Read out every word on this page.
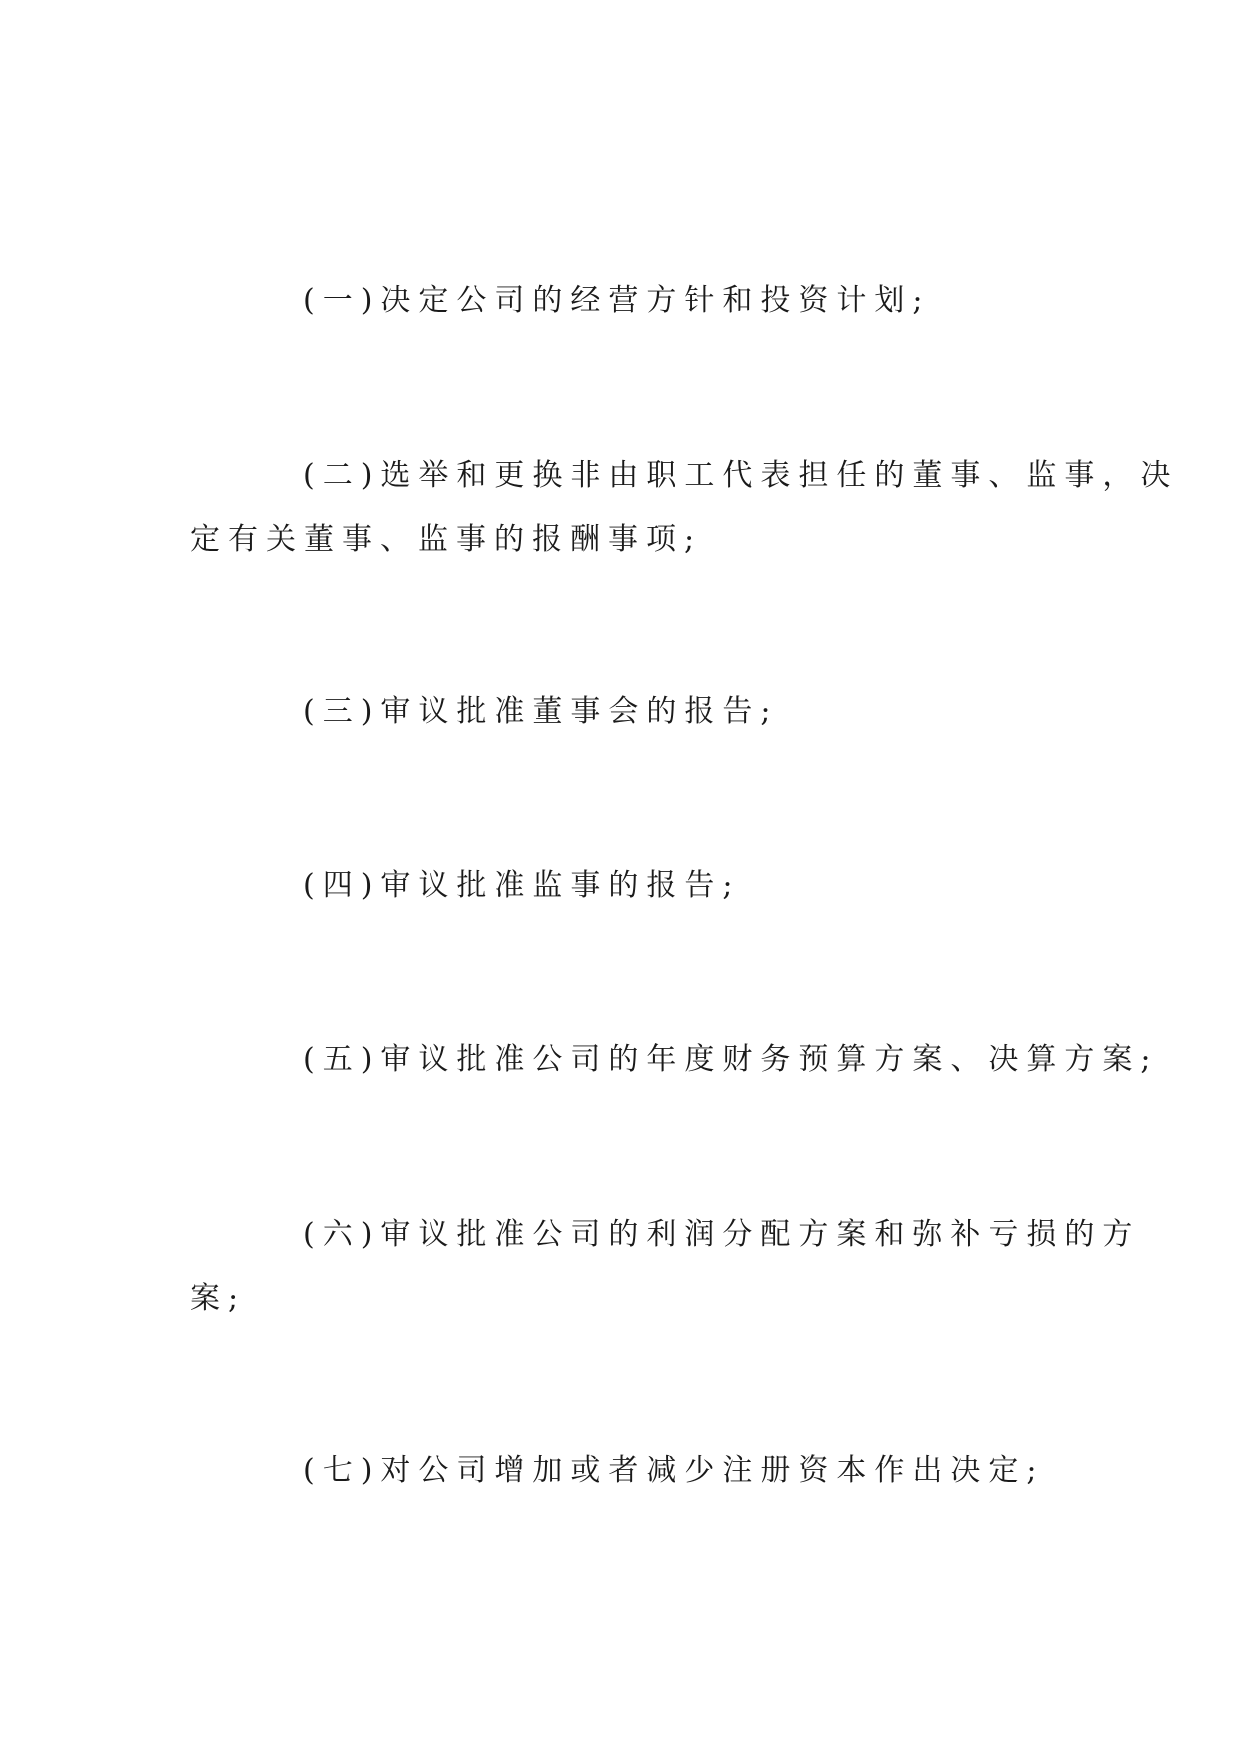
(一)决定公司的经营方针和投资计划;

(二)选举和更换非由职工代表担任的董事、监事，决
定有关董事、监事的报酬事项;

(三)审议批准董事会的报告;

(四)审议批准监事的报告;

(五)审议批准公司的年度财务预算方案、决算方案;

(六)审议批准公司的利润分配方案和弥补亏损的方
案;

(七)对公司增加或者减少注册资本作出决定;
